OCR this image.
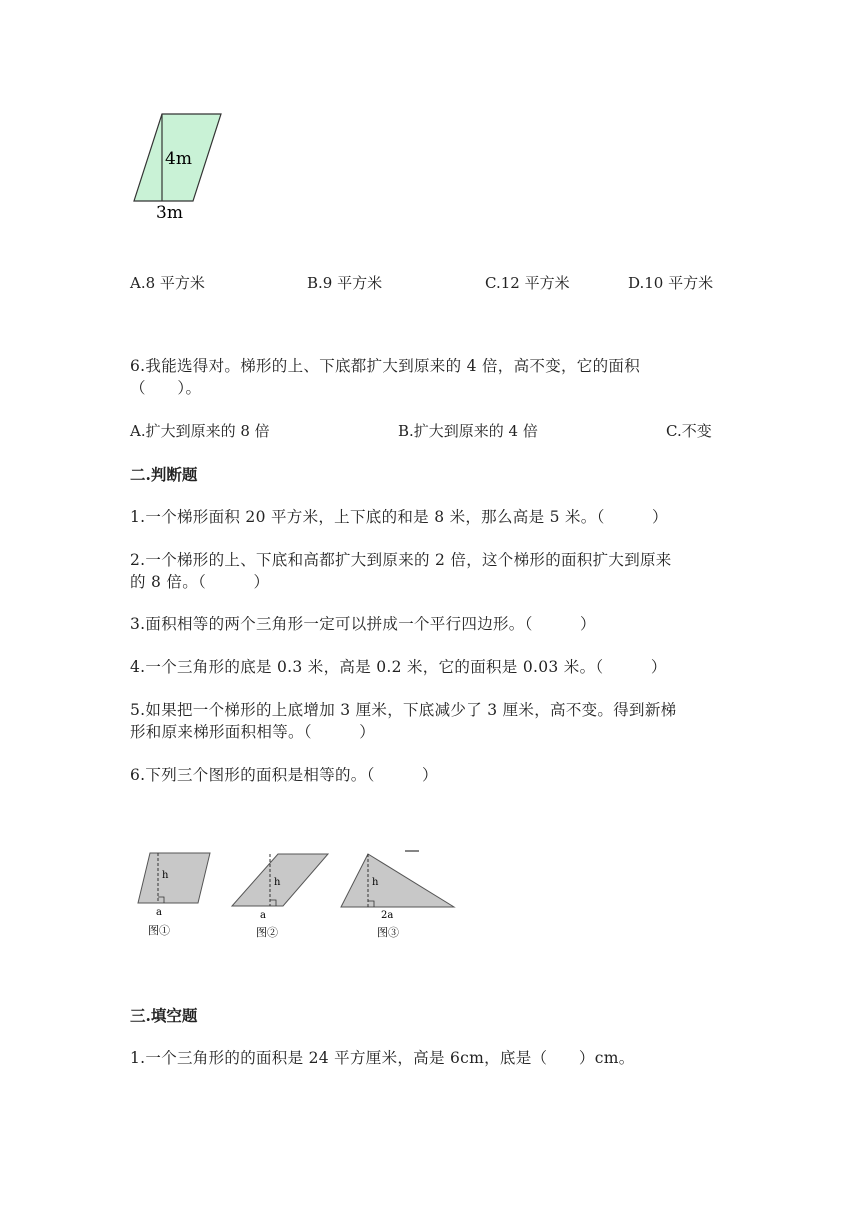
4m
3m
A.8 平方米	B.9 平方米	C.12 平方米	D.10 平方米
6.我能选得对。梯形的上、下底都扩大到原来的 4 倍，高不变，它的面积
（　　）。
A.扩大到原来的 8 倍	B.扩大到原来的 4 倍	C.不变
二.判断题
1.一个梯形面积 20 平方米，上下底的和是 8 米，那么高是 5 米。（　　　）
2.一个梯形的上、下底和高都扩大到原来的 2 倍，这个梯形的面积扩大到原来
的 8 倍。（　　　）
3.面积相等的两个三角形一定可以拼成一个平行四边形。（　　　）
4.一个三角形的底是 0.3 米，高是 0.2 米，它的面积是 0.03 米。（　　　）
5.如果把一个梯形的上底增加 3 厘米，下底减少了 3 厘米，高不变。得到新梯
形和原来梯形面积相等。（　　　）
6.下列三个图形的面积是相等的。（　　　）
h
a
图①
h
a
图②
h
2a
图③
三.填空题
1.一个三角形的的面积是 24 平方厘米，高是 6cm，底是（　　）cm。
